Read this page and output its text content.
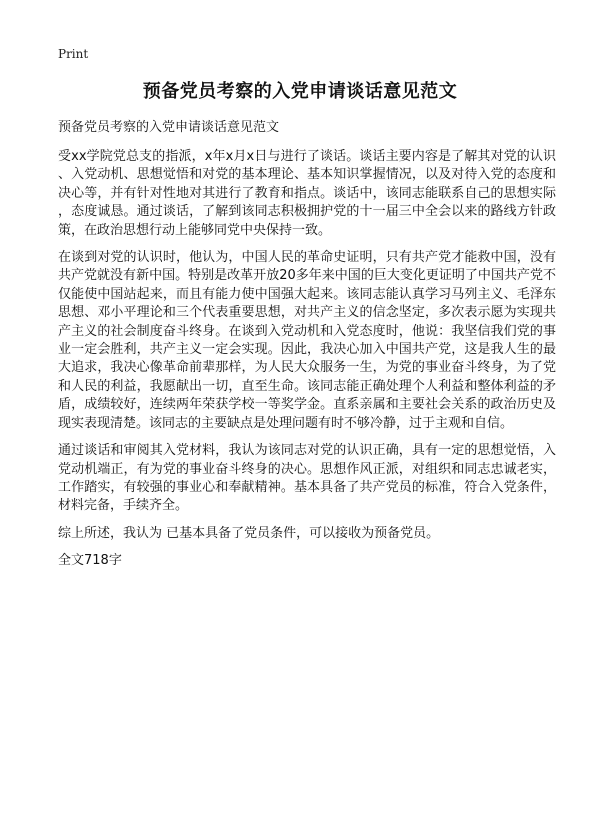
Print
预备党员考察的入党申请谈话意见范文

预备党员考察的入党申请谈话意见范文

受xx学院党总支的指派，x年x月x日与进行了谈话。谈话主要内容是了解其对党的认识、入党动机、思想觉悟和对党的基本理论、基本知识掌握情况，以及对待入党的态度和决心等，并有针对性地对其进行了教育和指点。谈话中，该同志能联系自己的思想实际，态度诚恳。通过谈话，了解到该同志积极拥护党的十一届三中全会以来的路线方针政策，在政治思想行动上能够同党中央保持一致。

在谈到对党的认识时，他认为，中国人民的革命史证明，只有共产党才能救中国，没有共产党就没有新中国。特别是改革开放20多年来中国的巨大变化更证明了中国共产党不仅能使中国站起来，而且有能力使中国强大起来。该同志能认真学习马列主义、毛泽东思想、邓小平理论和三个代表重要思想，对共产主义的信念坚定，多次表示愿为实现共产主义的社会制度奋斗终身。在谈到入党动机和入党态度时，他说：我坚信我们党的事业一定会胜利，共产主义一定会实现。因此，我决心加入中国共产党，这是我人生的最大追求，我决心像革命前辈那样，为人民大众服务一生，为党的事业奋斗终身，为了党和人民的利益，我愿献出一切，直至生命。该同志能正确处理个人利益和整体利益的矛盾，成绩较好，连续两年荣获学校一等奖学金。直系亲属和主要社会关系的政治历史及现实表现清楚。该同志的主要缺点是处理问题有时不够冷静，过于主观和自信。

通过谈话和审阅其入党材料，我认为该同志对党的认识正确，具有一定的思想觉悟，入党动机端正，有为党的事业奋斗终身的决心。思想作风正派，对组织和同志忠诚老实，工作踏实，有较强的事业心和奉献精神。基本具备了共产党员的标准，符合入党条件，材料完备，手续齐全。

综上所述，我认为 已基本具备了党员条件，可以接收为预备党员。

全文718字
